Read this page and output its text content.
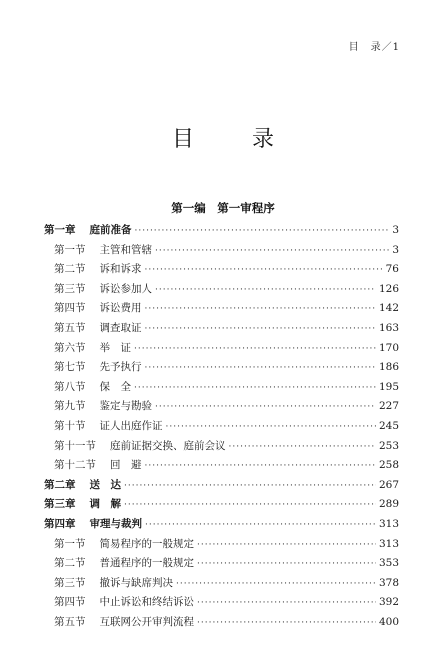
目　录／1
目　录
第一编　第一审程序
第一章 庭前准备 ·····	3
第一节 主管和管辖 ·····	3
第二节 诉和诉求 ·····	76
第三节 诉讼参加人 ·····	126
第四节 诉讼费用 ·····	142
第五节 调查取证 ·····	163
第六节 举　证 ·····	170
第七节 先予执行 ·····	186
第八节 保　全 ·····	195
第九节 鉴定与勘验 ·····	227
第十节 证人出庭作证 ·····	245
第十一节 庭前证据交换、庭前会议 ·····	253
第十二节 回　避 ·····	258
第二章 送　达 ·····	267
第三章 调　解 ·····	289
第四章 审理与裁判 ·····	313
第一节 简易程序的一般规定 ·····	313
第二节 普通程序的一般规定 ·····	353
第三节 撤诉与缺席判决 ·····	378
第四节 中止诉讼和终结诉讼 ·····	392
第五节 互联网公开审判流程 ·····	400
